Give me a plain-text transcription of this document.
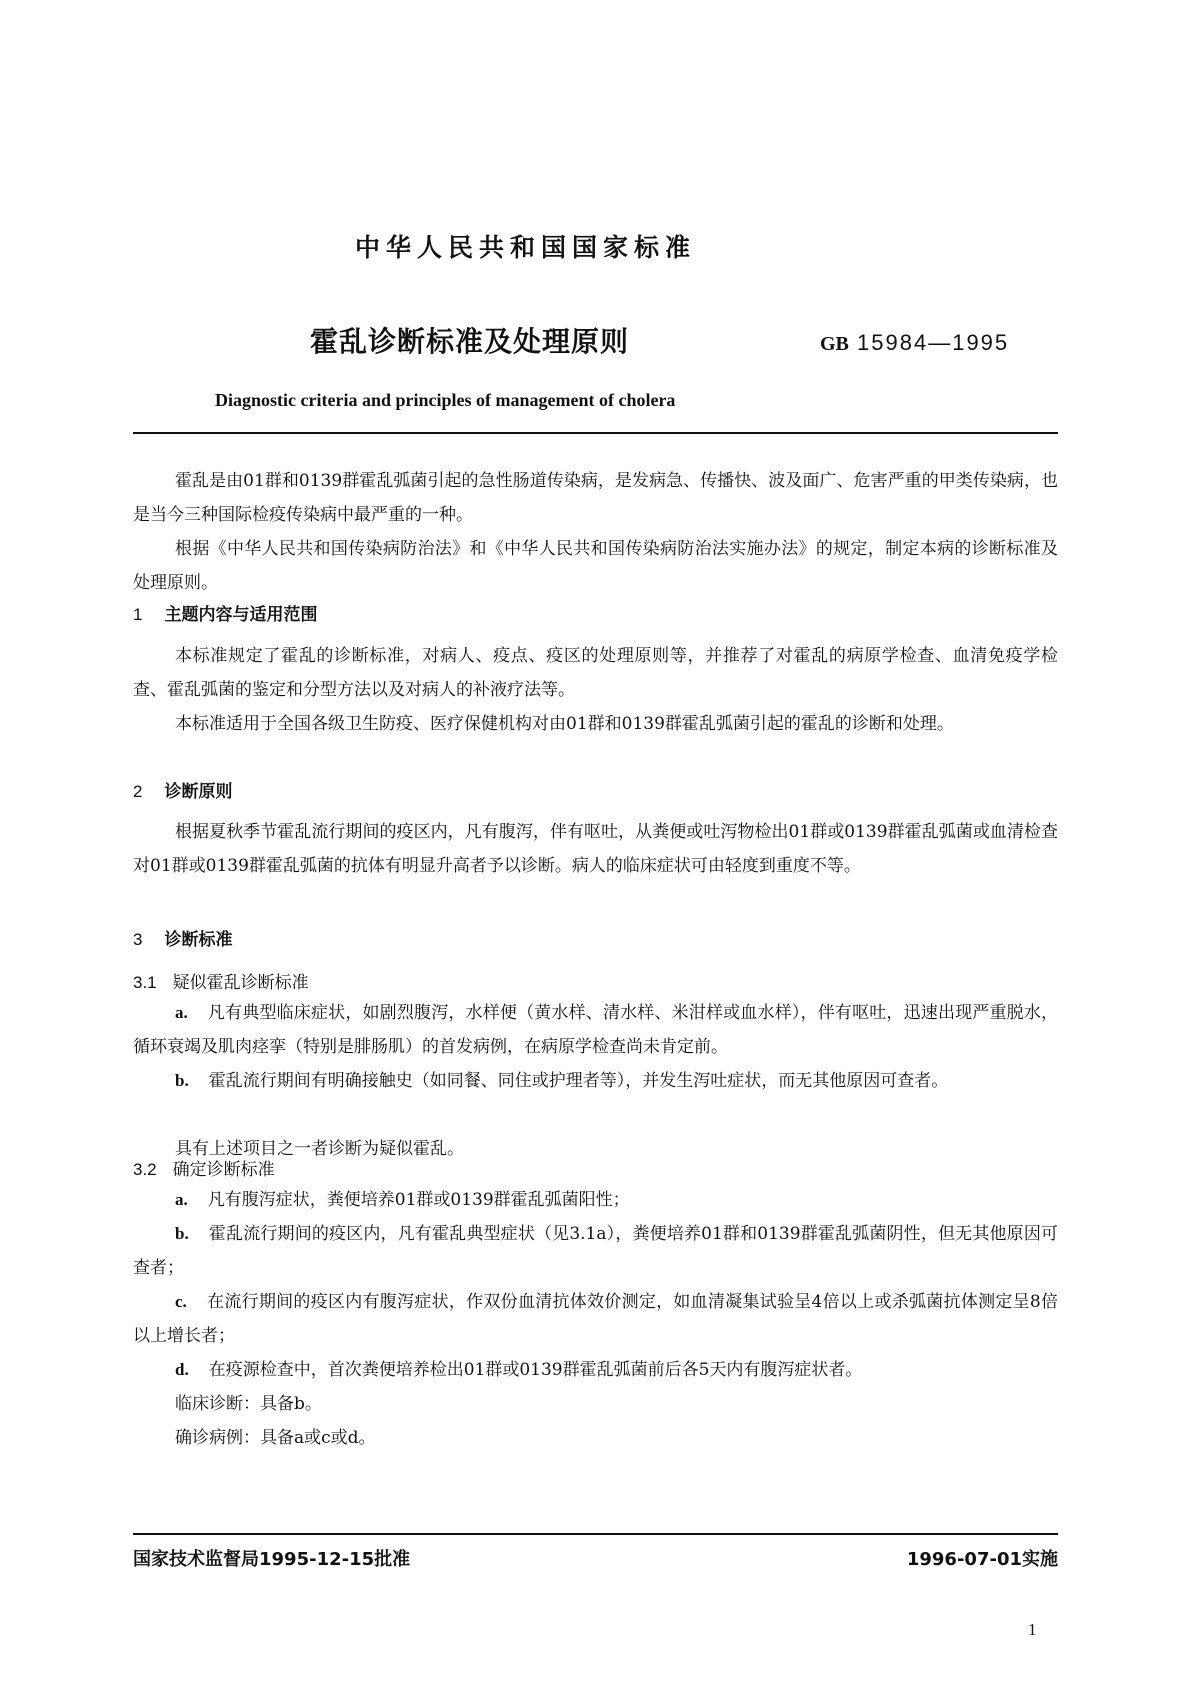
中华人民共和国国家标准
霍乱诊断标准及处理原则	GB 15984—1995
Diagnostic criteria and principles of management of cholera

霍乱是由01群和0139群霍乱弧菌引起的急性肠道传染病，是发病急、传播快、波及面广、危害严重的甲类传染病，也是当今三种国际检疫传染病中最严重的一种。

根据《中华人民共和国传染病防治法》和《中华人民共和国传染病防治法实施办法》的规定，制定本病的诊断标准及处理原则。

1 主题内容与适用范围

本标准规定了霍乱的诊断标准，对病人、疫点、疫区的处理原则等，并推荐了对霍乱的病原学检查、血清免疫学检查、霍乱弧菌的鉴定和分型方法以及对病人的补液疗法等。

本标准适用于全国各级卫生防疫、医疗保健机构对由01群和0139群霍乱弧菌引起的霍乱的诊断和处理。

2 诊断原则

根据夏秋季节霍乱流行期间的疫区内，凡有腹泻，伴有呕吐，从粪便或吐泻物检出01群或0139群霍乱弧菌或血清检查对01群或0139群霍乱弧菌的抗体有明显升高者予以诊断。病人的临床症状可由轻度到重度不等。

3 诊断标准
3.1 疑似霍乱诊断标准

a. 凡有典型临床症状，如剧烈腹泻，水样便（黄水样、清水样、米泔样或血水样），伴有呕吐，迅速出现严重脱水，循环衰竭及肌肉痉挛（特别是腓肠肌）的首发病例，在病原学检查尚未肯定前。

b. 霍乱流行期间有明确接触史（如同餐、同住或护理者等），并发生泻吐症状，而无其他原因可查者。

具有上述项目之一者诊断为疑似霍乱。

3.2 确定诊断标准

a. 凡有腹泻症状，粪便培养01群或0139群霍乱弧菌阳性；

b. 霍乱流行期间的疫区内，凡有霍乱典型症状（见3.1a），粪便培养01群和0139群霍乱弧菌阴性，但无其他原因可查者；

c. 在流行期间的疫区内有腹泻症状，作双份血清抗体效价测定，如血清凝集试验呈4倍以上或杀弧菌抗体测定呈8倍以上增长者；

d. 在疫源检查中，首次粪便培养检出01群或0139群霍乱弧菌前后各5天内有腹泻症状者。

临床诊断：具备b。

确诊病例：具备a或c或d。

国家技术监督局1995-12-15批准	1996-07-01实施
1
